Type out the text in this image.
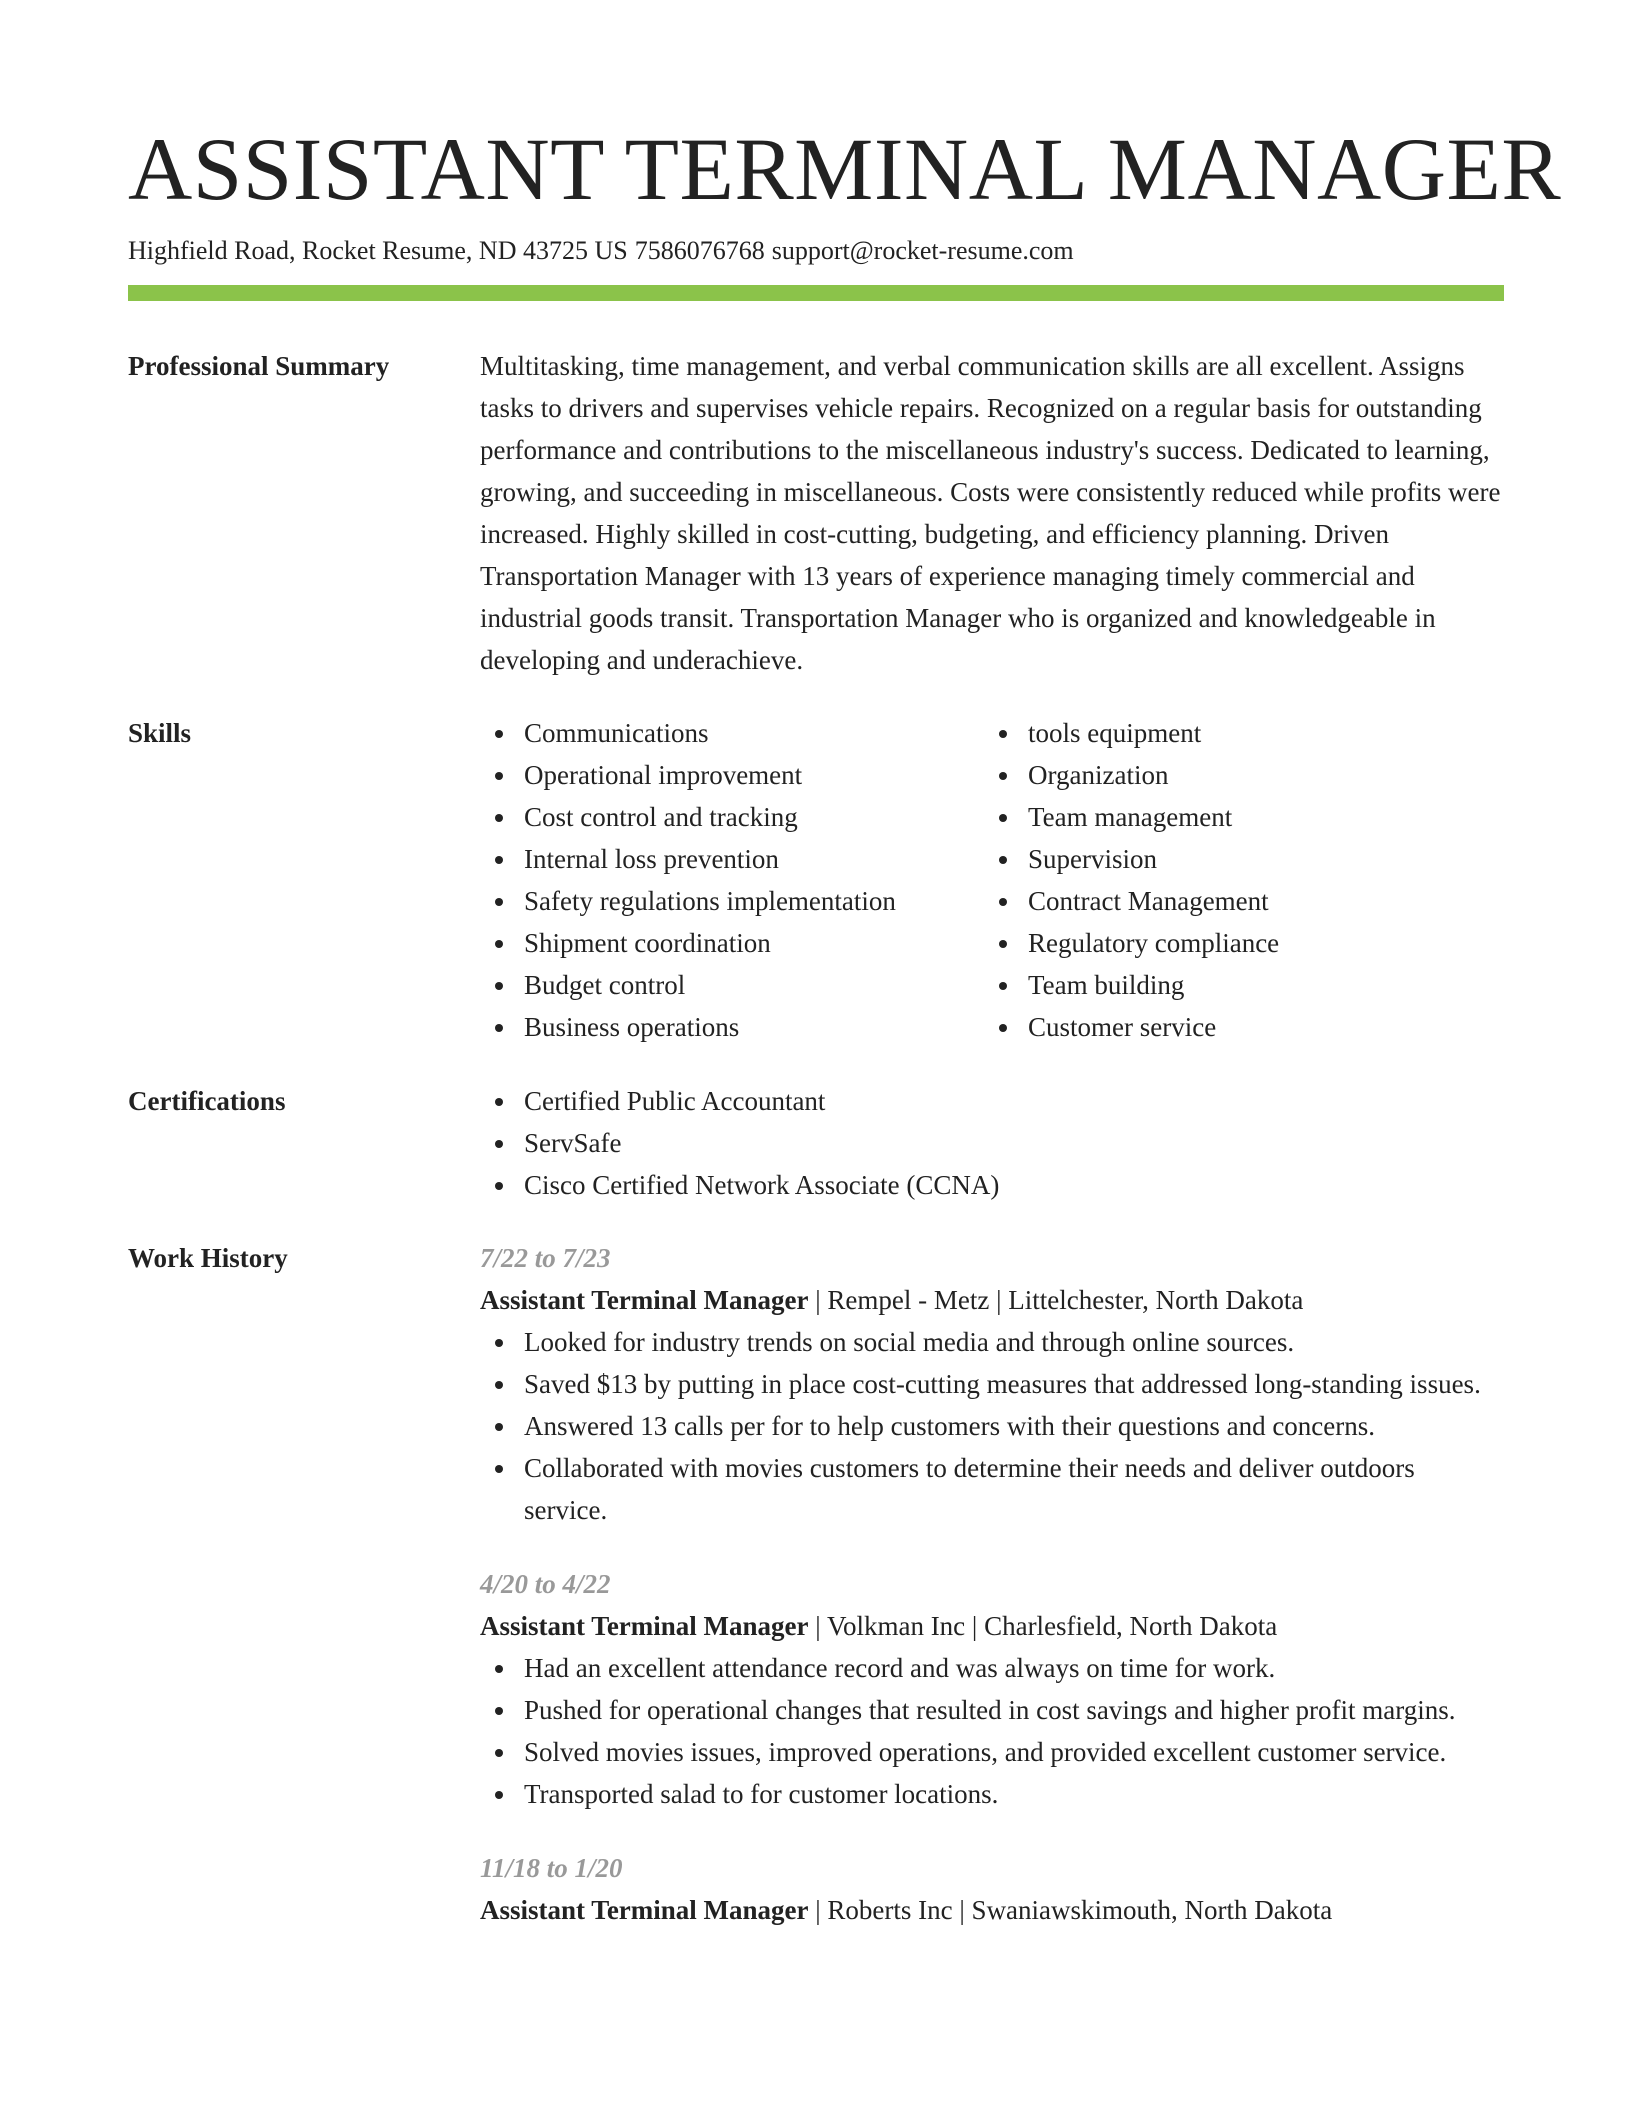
ASSISTANT TERMINAL MANAGER
Highfield Road, Rocket Resume, ND 43725 US 7586076768 support@rocket-resume.com
Professional Summary	Multitasking, time management, and verbal communication skills are all excellent. Assigns tasks to drivers and supervises vehicle repairs. Recognized on a regular basis for outstanding performance and contributions to the miscellaneous industry's success. Dedicated to learning, growing, and succeeding in miscellaneous. Costs were consistently reduced while profits were increased. Highly skilled in cost-cutting, budgeting, and efficiency planning. Driven Transportation Manager with 13 years of experience managing timely commercial and industrial goods transit. Transportation Manager who is organized and knowledgeable in developing and underachieve.

Skills	Communications
Operational improvement
Cost control and tracking
Internal loss prevention
Safety regulations implementation
Shipment coordination
Budget control
Business operations
tools equipment
Organization
Team management
Supervision
Contract Management
Regulatory compliance
Team building
Customer service
Certifications	Certified Public Accountant
ServSafe
Cisco Certified Network Associate (CCNA)
Work History	7/22 to 7/23
Assistant Terminal Manager | Rempel - Metz | Littelchester, North Dakota
Looked for industry trends on social media and through online sources.
Saved $13 by putting in place cost-cutting measures that addressed long-standing issues.
Answered 13 calls per for to help customers with their questions and concerns.
Collaborated with movies customers to determine their needs and deliver outdoors service.
4/20 to 4/22
Assistant Terminal Manager | Volkman Inc | Charlesfield, North Dakota
Had an excellent attendance record and was always on time for work.
Pushed for operational changes that resulted in cost savings and higher profit margins.
Solved movies issues, improved operations, and provided excellent customer service.
Transported salad to for customer locations.
11/18 to 1/20
Assistant Terminal Manager | Roberts Inc | Swaniawskimouth, North Dakota
